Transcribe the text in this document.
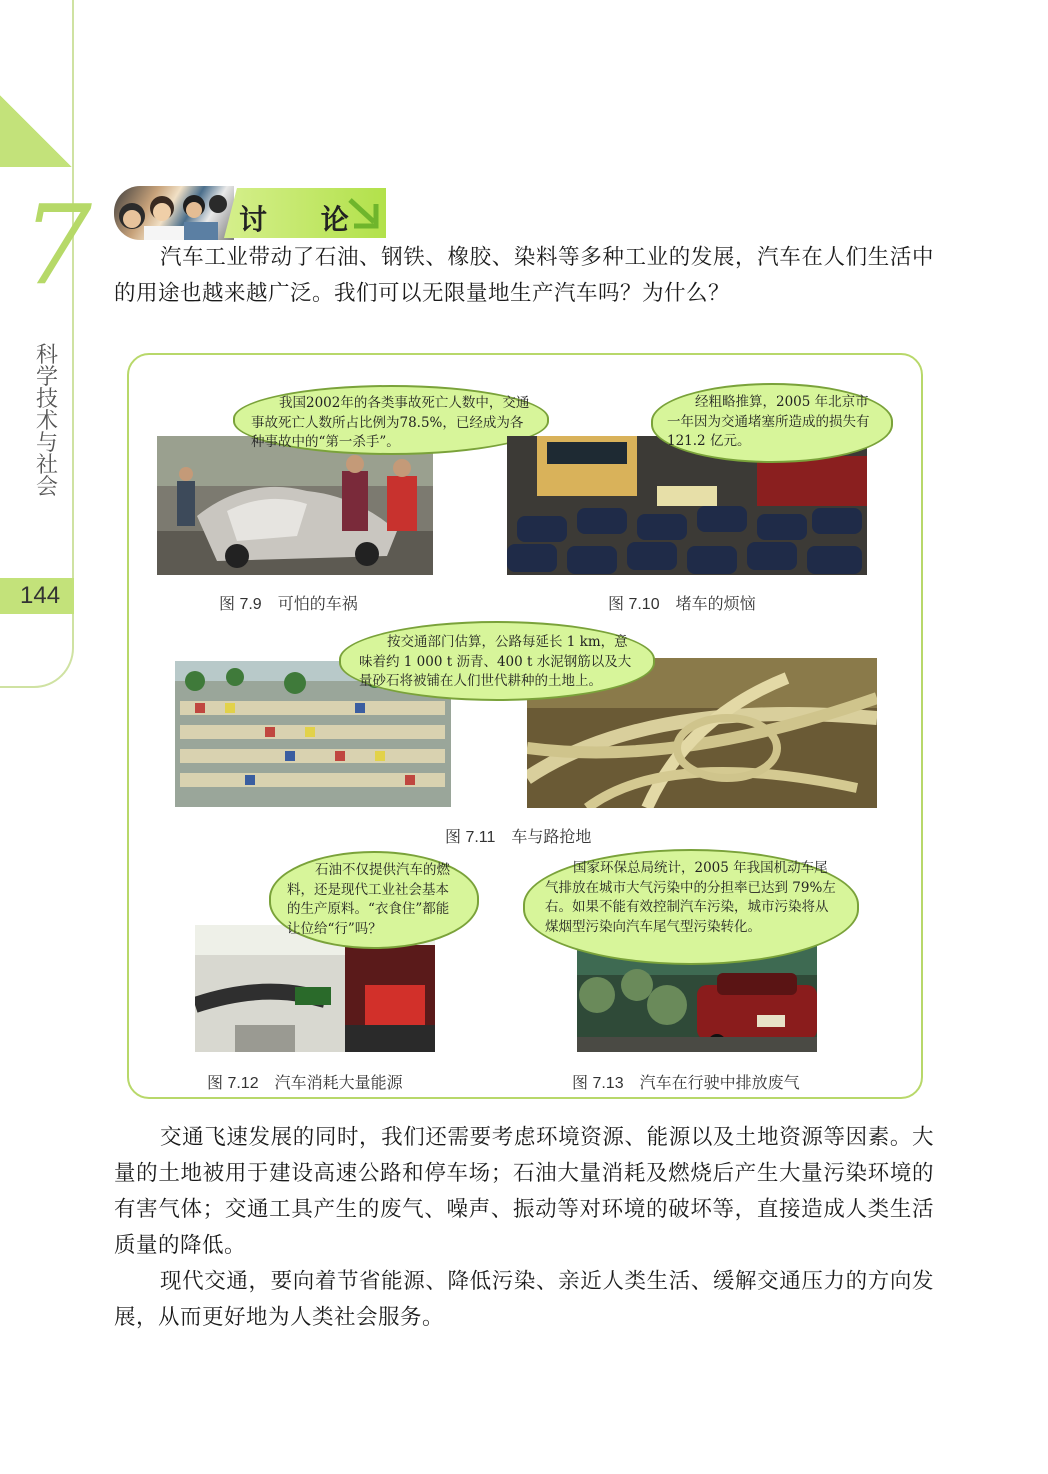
7
科学技术与社会
144
讨 论

汽车工业带动了石油、钢铁、橡胶、染料等多种工业的发展，汽车在人们生活中的用途也越来越广泛。我们可以无限量地生产汽车吗？为什么？

我国2002年的各类事故死亡人数中，交通事故死亡人数所占比例为78.5%，已经成为各种事故中的“第一杀手”。
图 7.9　可怕的车祸
经粗略推算，2005 年北京市一年因为交通堵塞所造成的损失有 121.2 亿元。
图 7.10　堵车的烦恼
按交通部门估算，公路每延长 1 km，意味着约 1 000 t 沥青、400 t 水泥钢筋以及大量砂石将被铺在人们世代耕种的土地上。
图 7.11　车与路抢地
石油不仅提供汽车的燃料，还是现代工业社会基本的生产原料。“衣食住”都能让位给“行”吗？
图 7.12　汽车消耗大量能源
国家环保总局统计，2005 年我国机动车尾气排放在城市大气污染中的分担率已达到 79%左右。如果不能有效控制汽车污染，城市污染将从煤烟型污染向汽车尾气型污染转化。
图 7.13　汽车在行驶中排放废气

交通飞速发展的同时，我们还需要考虑环境资源、能源以及土地资源等因素。大量的土地被用于建设高速公路和停车场；石油大量消耗及燃烧后产生大量污染环境的有害气体；交通工具产生的废气、噪声、振动等对环境的破坏等，直接造成人类生活质量的降低。

现代交通，要向着节省能源、降低污染、亲近人类生活、缓解交通压力的方向发展，从而更好地为人类社会服务。
